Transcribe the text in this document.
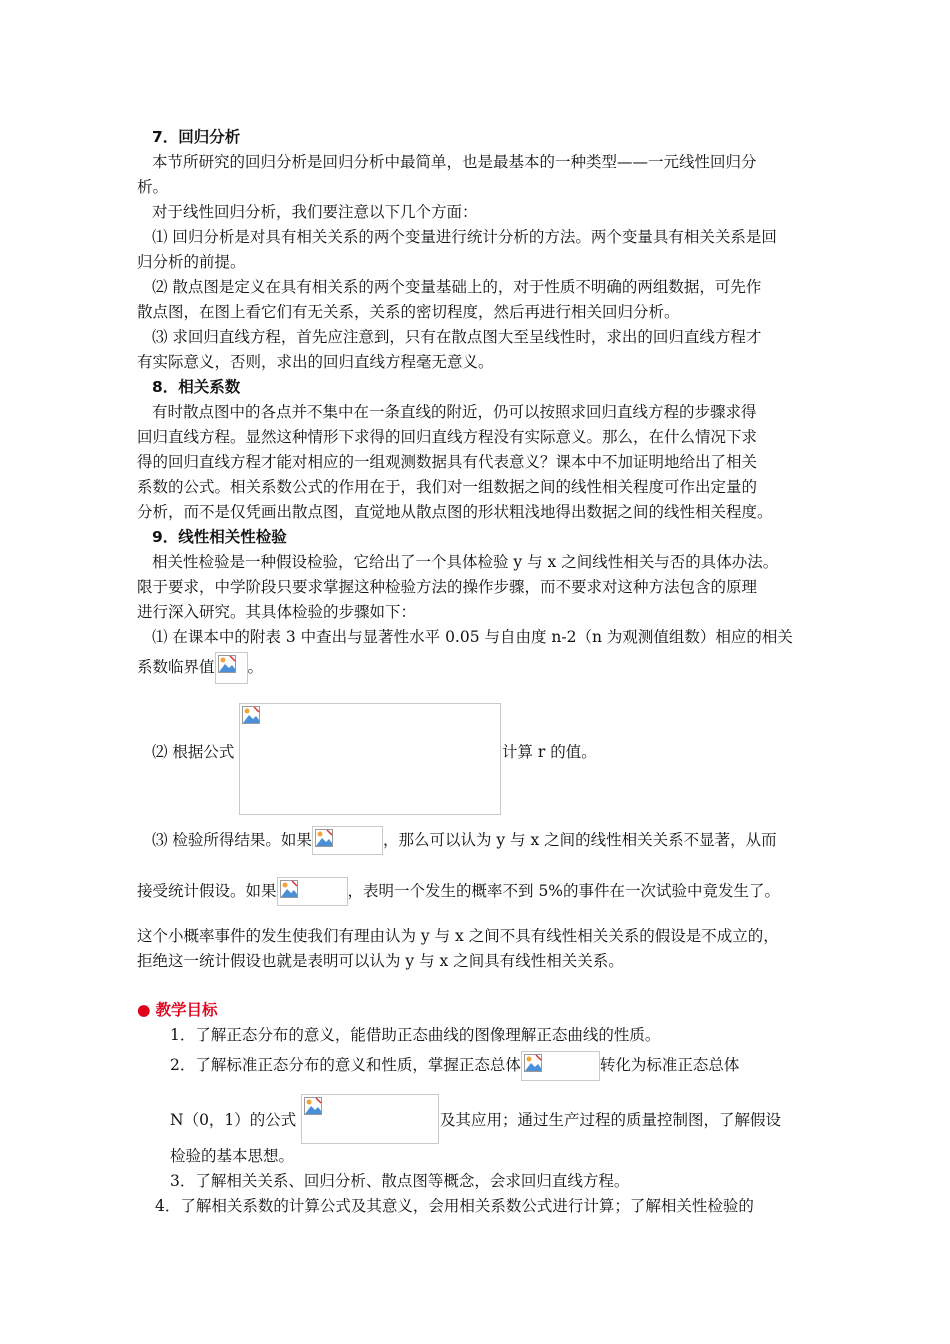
7．回归分析
本节所研究的回归分析是回归分析中最简单，也是最基本的一种类型——一元线性回归分
析。
对于线性回归分析，我们要注意以下几个方面：
⑴ 回归分析是对具有相关关系的两个变量进行统计分析的方法。两个变量具有相关关系是回
归分析的前提。
⑵ 散点图是定义在具有相关系的两个变量基础上的，对于性质不明确的两组数据，可先作
散点图，在图上看它们有无关系，关系的密切程度，然后再进行相关回归分析。
⑶ 求回归直线方程，首先应注意到，只有在散点图大至呈线性时，求出的回归直线方程才
有实际意义，否则，求出的回归直线方程毫无意义。
8．相关系数
有时散点图中的各点并不集中在一条直线的附近，仍可以按照求回归直线方程的步骤求得
回归直线方程。显然这种情形下求得的回归直线方程没有实际意义。那么，在什么情况下求
得的回归直线方程才能对相应的一组观测数据具有代表意义？课本中不加证明地给出了相关
系数的公式。相关系数公式的作用在于，我们对一组数据之间的线性相关程度可作出定量的
分析，而不是仅凭画出散点图，直觉地从散点图的形状粗浅地得出数据之间的线性相关程度。
9．线性相关性检验
相关性检验是一种假设检验，它给出了一个具体检验 y 与 x 之间线性相关与否的具体办法。
限于要求，中学阶段只要求掌握这种检验方法的操作步骤，而不要求对这种方法包含的原理
进行深入研究。其具体检验的步骤如下：
⑴ 在课本中的附表 3 中查出与显著性水平 0.05 与自由度 n-2（n 为观测值组数）相应的相关
系数临界值 。
⑵ 根据公式	计算 r 的值。
⑶ 检验所得结果。如果	，那么可以认为 y 与 x 之间的线性相关关系不显著，从而
接受统计假设。如果	，表明一个发生的概率不到 5%的事件在一次试验中竟发生了。
这个小概率事件的发生使我们有理由认为 y 与 x 之间不具有线性相关关系的假设是不成立的，
拒绝这一统计假设也就是表明可以认为 y 与 x 之间具有线性相关关系。
● 教学目标
1．了解正态分布的意义，能借助正态曲线的图像理解正态曲线的性质。
2．了解标准正态分布的意义和性质，掌握正态总体	转化为标准正态总体
N（0，1）的公式	及其应用；通过生产过程的质量控制图，了解假设
检验的基本思想。
3．了解相关关系、回归分析、散点图等概念，会求回归直线方程。
4．了解相关系数的计算公式及其意义，会用相关系数公式进行计算；了解相关性检验的
